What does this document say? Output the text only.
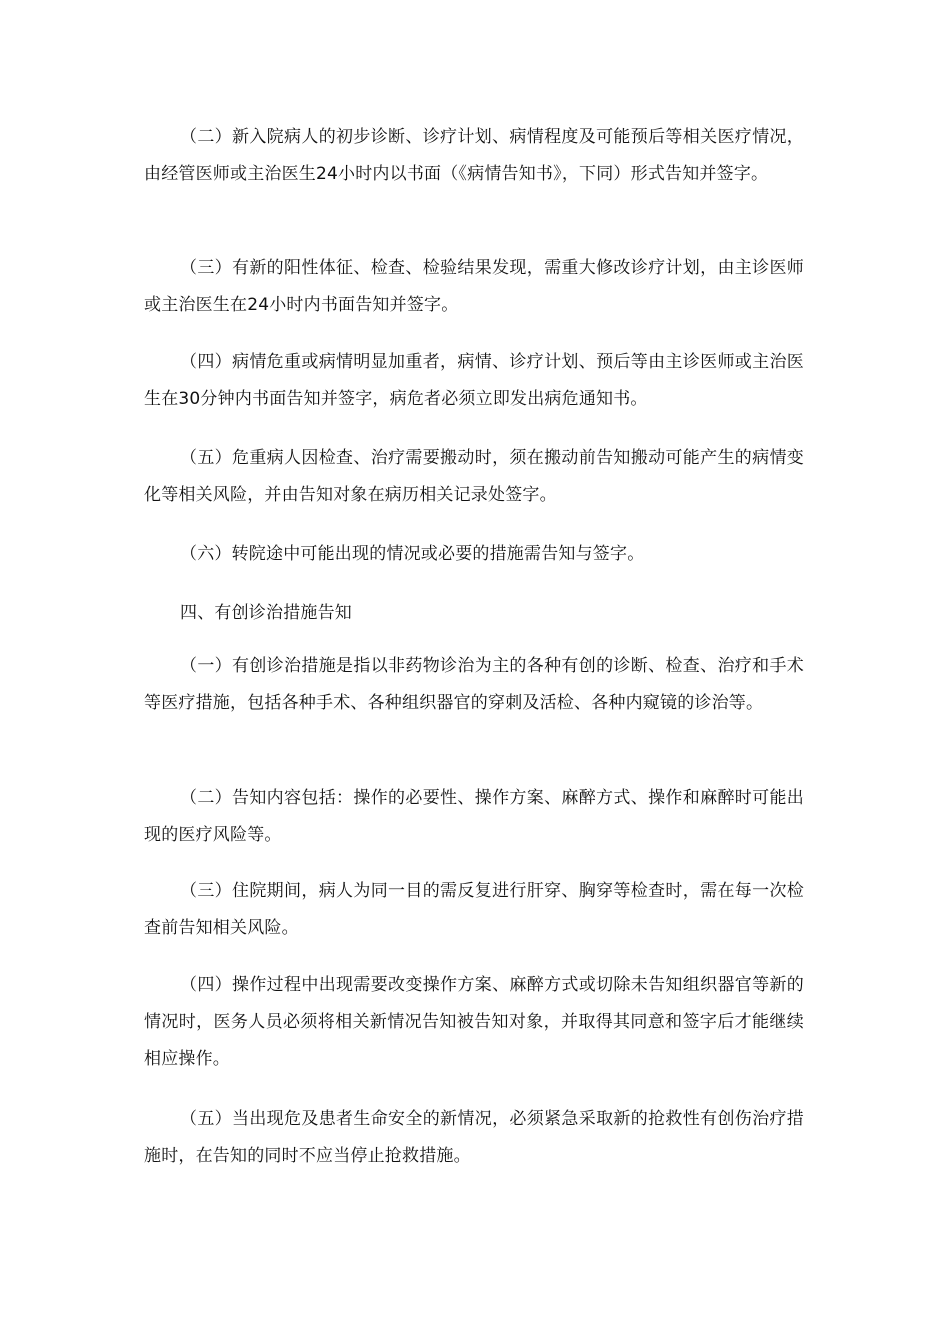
（二）新入院病人的初步诊断、诊疗计划、病情程度及可能预后等相关医疗情况，由经管医师或主治医生24小时内以书面（《病情告知书》，下同）形式告知并签字。

（三）有新的阳性体征、检查、检验结果发现，需重大修改诊疗计划，由主诊医师或主治医生在24小时内书面告知并签字。

（四）病情危重或病情明显加重者，病情、诊疗计划、预后等由主诊医师或主治医生在30分钟内书面告知并签字，病危者必须立即发出病危通知书。

（五）危重病人因检查、治疗需要搬动时，须在搬动前告知搬动可能产生的病情变化等相关风险，并由告知对象在病历相关记录处签字。

（六）转院途中可能出现的情况或必要的措施需告知与签字。

四、有创诊治措施告知

（一）有创诊治措施是指以非药物诊治为主的各种有创的诊断、检查、治疗和手术等医疗措施，包括各种手术、各种组织器官的穿刺及活检、各种内窥镜的诊治等。

（二）告知内容包括：操作的必要性、操作方案、麻醉方式、操作和麻醉时可能出现的医疗风险等。

（三）住院期间，病人为同一目的需反复进行肝穿、胸穿等检查时，需在每一次检查前告知相关风险。

（四）操作过程中出现需要改变操作方案、麻醉方式或切除未告知组织器官等新的情况时，医务人员必须将相关新情况告知被告知对象，并取得其同意和签字后才能继续相应操作。

（五）当出现危及患者生命安全的新情况，必须紧急采取新的抢救性有创伤治疗措施时，在告知的同时不应当停止抢救措施。
